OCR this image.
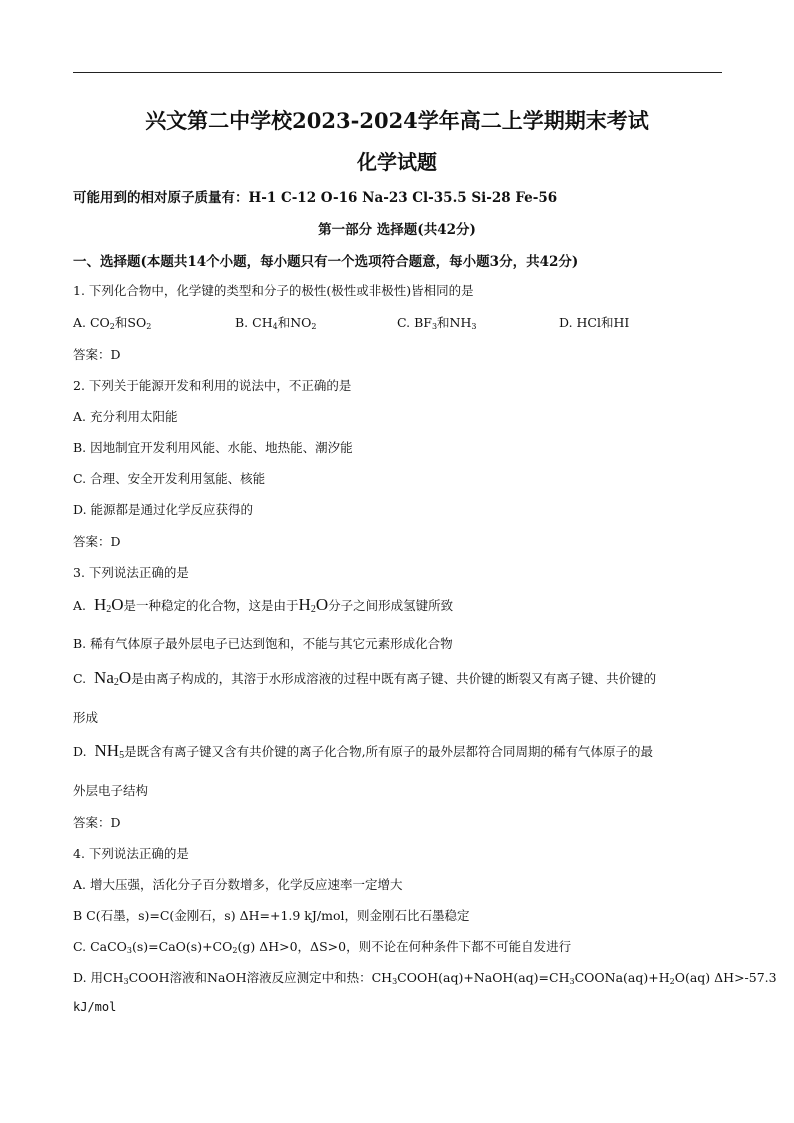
兴文第二中学校2023-2024学年高二上学期期末考试
化学试题
可能用到的相对原子质量有：H-1 C-12 O-16 Na-23 Cl-35.5 Si-28 Fe-56
第一部分 选择题(共42分)
一、选择题(本题共14个小题，每小题只有一个选项符合题意，每小题3分，共42分)
1. 下列化合物中，化学键的类型和分子的极性(极性或非极性)皆相同的是
A. $CO_2$和$SO_2$	B. $CH_4$和$NO_2$	C. $BF_3$和$NH_3$	D. HCl和HI
答案：D
2. 下列关于能源开发和利用的说法中，不正确的是
A. 充分利用太阳能
B. 因地制宜开发利用风能、水能、地热能、潮汐能
C. 合理、安全开发利用氢能、核能
D. 能源都是通过化学反应获得的
答案：D
3. 下列说法正确的是
A. $H_2O$是一种稳定的化合物，这是由于$H_2O$分子之间形成氢键所致
B. 稀有气体原子最外层电子已达到饱和，不能与其它元素形成化合物
C. $Na_2O$是由离子构成的，其溶于水形成溶液的过程中既有离子键、共价键的断裂又有离子键、共价键的
形成
D. $NH_5$是既含有离子键又含有共价键的离子化合物,所有原子的最外层都符合同周期的稀有气体原子的最
外层电子结构
答案：D
4. 下列说法正确的是
A. 增大压强，活化分子百分数增多，化学反应速率一定增大
B C(石墨，s)=C(金刚石，s) ΔH=+1.9 kJ/mol，则金刚石比石墨稳定
C. $CaCO_3(s)=CaO(s)+CO_2(g)$ ΔH>0，ΔS>0，则不论在何种条件下都不可能自发进行
D. 用$CH_3COOH$溶液和NaOH溶液反应测定中和热：$CH_3COOH(aq)+NaOH(aq)=CH_3COONa(aq)+H_2O(aq)$ ΔH>-57.3
kJ/mol
